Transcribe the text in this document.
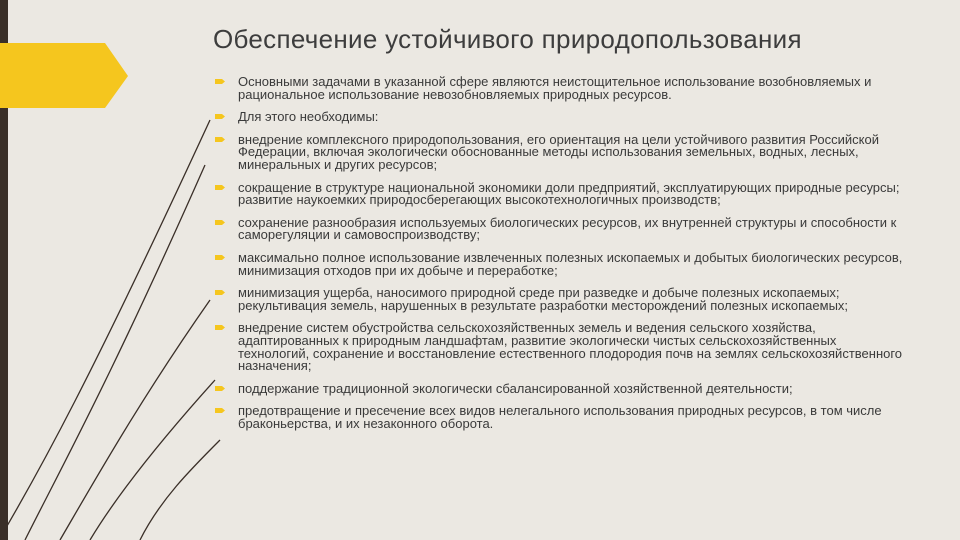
Обеспечение устойчивого природопользования
Основными задачами в указанной сфере являются неистощительное использование возобновляемых и рациональное использование невозобновляемых природных ресурсов.
Для этого необходимы:
внедрение комплексного природопользования, его ориентация на цели устойчивого развития Российской Федерации, включая экологически обоснованные методы использования земельных, водных, лесных, минеральных и других ресурсов;
сокращение в структуре национальной экономики доли предприятий, эксплуатирующих природные ресурсы; развитие наукоемких природосберегающих высокотехнологичных производств;
сохранение разнообразия используемых биологических ресурсов, их внутренней структуры и способности к саморегуляции и самовоспроизводству;
максимально полное использование извлеченных полезных ископаемых и добытых биологических ресурсов, минимизация отходов при их добыче и переработке;
минимизация ущерба, наносимого природной среде при разведке и добыче полезных ископаемых; рекультивация земель, нарушенных в результате разработки месторождений полезных ископаемых;
внедрение систем обустройства сельскохозяйственных земель и ведения сельского хозяйства, адаптированных к природным ландшафтам, развитие экологически чистых сельскохозяйственных технологий, сохранение и восстановление естественного плодородия почв на землях сельскохозяйственного назначения;
поддержание традиционной экологически сбалансированной хозяйственной деятельности;
предотвращение и пресечение всех видов нелегального использования природных ресурсов, в том числе браконьерства, и их незаконного оборота.
